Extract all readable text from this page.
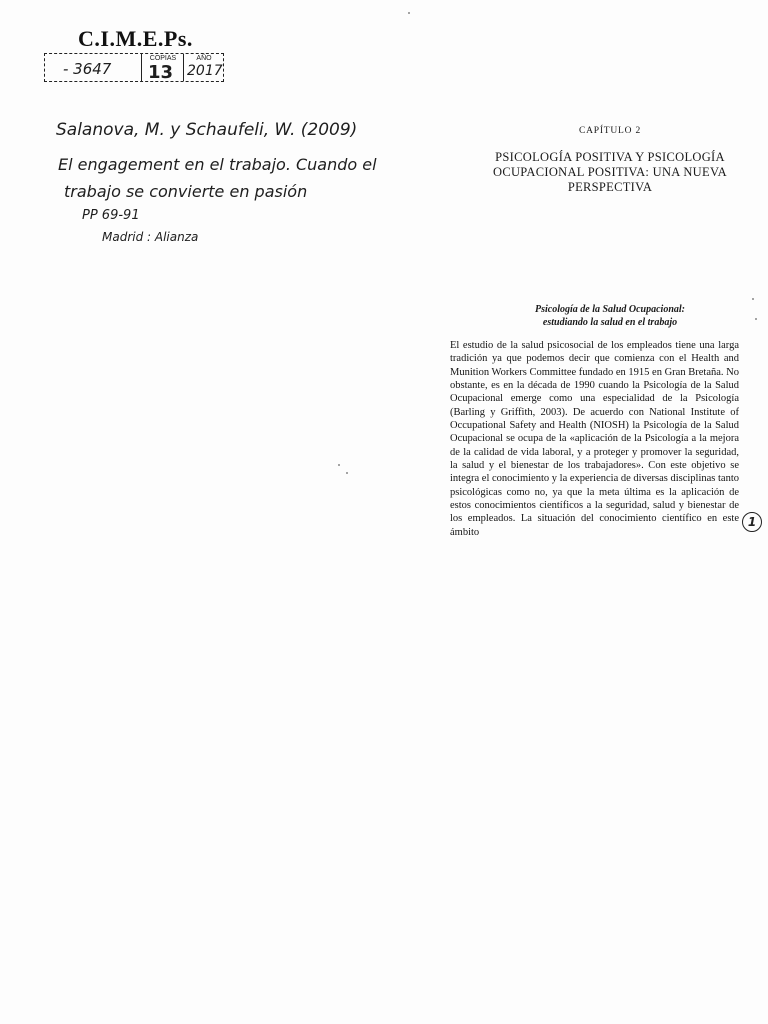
C.I.M.E.Ps.
- 3647
COPIAS
13
AÑO
2017
Salanova, M. y Schaufeli, W. (2009)
El engagement en el trabajo. Cuando el
trabajo se convierte en pasión
PP 69-91
Madrid : Alianza
CAPÍTULO 2
PSICOLOGÍA POSITIVA Y PSICOLOGÍA OCUPACIONAL POSITIVA: UNA NUEVA PERSPECTIVA
Psicología de la Salud Ocupacional:
estudiando la salud en el trabajo
El estudio de la salud psicosocial de los empleados tiene una larga tradición ya que podemos decir que comienza con el Health and Munition Workers Committee fundado en 1915 en Gran Bretaña. No obstante, es en la década de 1990 cuando la Psicología de la Salud Ocupacional emerge como una especialidad de la Psicología (Barling y Griffith, 2003). De acuerdo con National Institute of Occupational Safety and Health (NIOSH) la Psicología de la Salud Ocupacional se ocupa de la «aplicación de la Psicología a la mejora de la calidad de vida laboral, y a proteger y promover la seguridad, la salud y el bienestar de los trabajadores». Con este objetivo se integra el conocimiento y la experiencia de diversas disciplinas tanto psicológicas como no, ya que la meta última es la aplicación de estos conocimientos científicos a la seguridad, salud y bienestar de los empleados. La situación del conocimiento científico en este ámbito
1
